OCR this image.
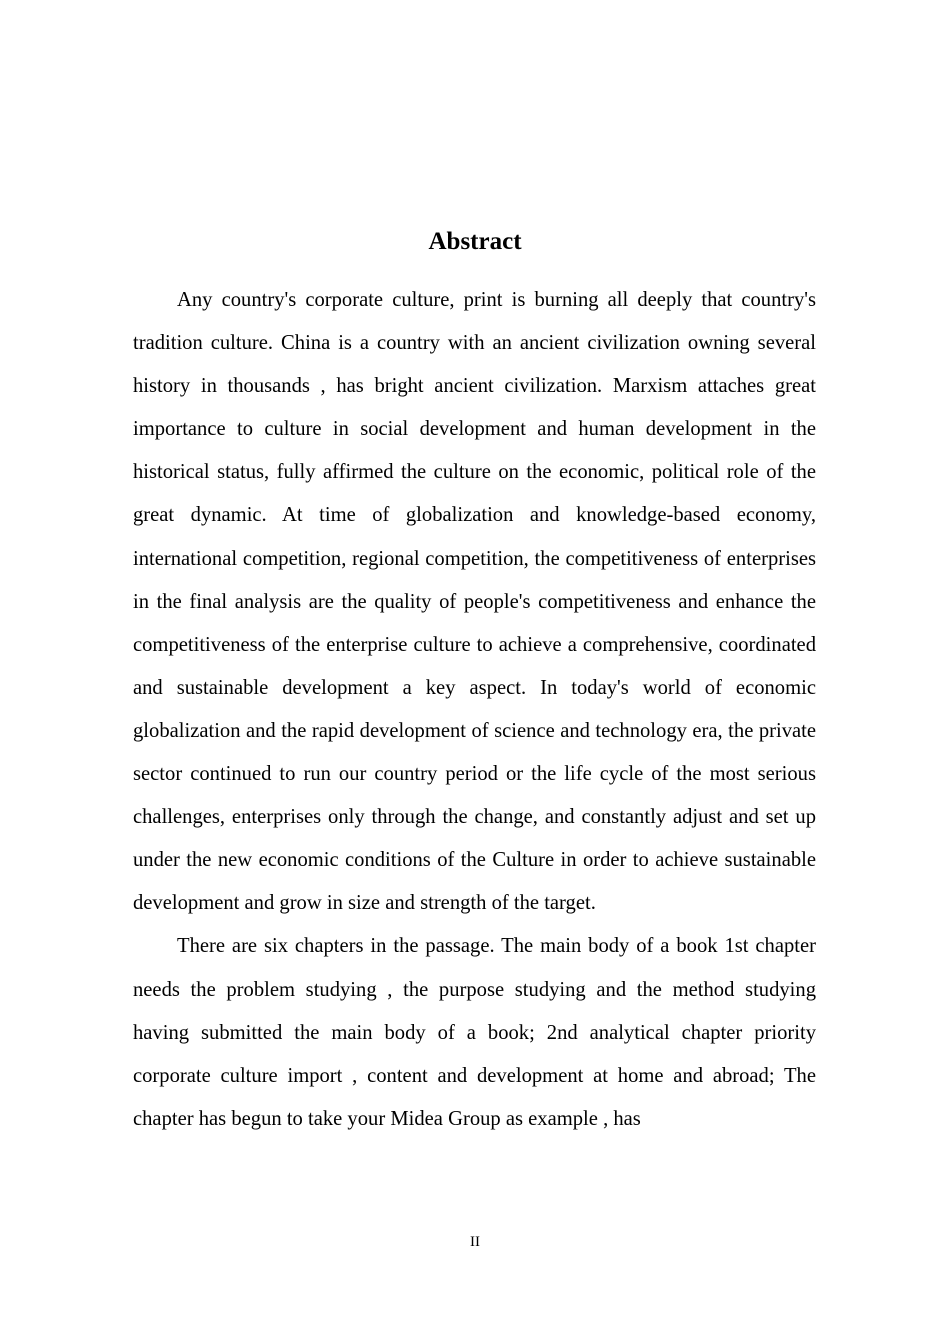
Abstract

Any country's corporate culture, print is burning all deeply that country's tradition culture. China is a country with an ancient civilization owning several history in thousands , has bright ancient civilization. Marxism attaches great importance to culture in social development and human development in the historical status, fully affirmed the culture on the economic, political role of the great dynamic. At time of globalization and knowledge-based economy, international competition, regional competition, the competitiveness of enterprises in the final analysis are the quality of people's competitiveness and enhance the competitiveness of the enterprise culture to achieve a comprehensive, coordinated and sustainable development a key aspect. In today's world of economic globalization and the rapid development of science and technology era, the private sector continued to run our country period or the life cycle of the most serious challenges, enterprises only through the change, and constantly adjust and set up under the new economic conditions of the Culture in order to achieve sustainable development and grow in size and strength of the target.

There are six chapters in the passage. The main body of a book 1st chapter needs the problem studying , the purpose studying and the method studying having submitted the main body of a book; 2nd analytical chapter priority corporate culture import , content and development at home and abroad; The chapter has begun to take your Midea Group as example , has

II
